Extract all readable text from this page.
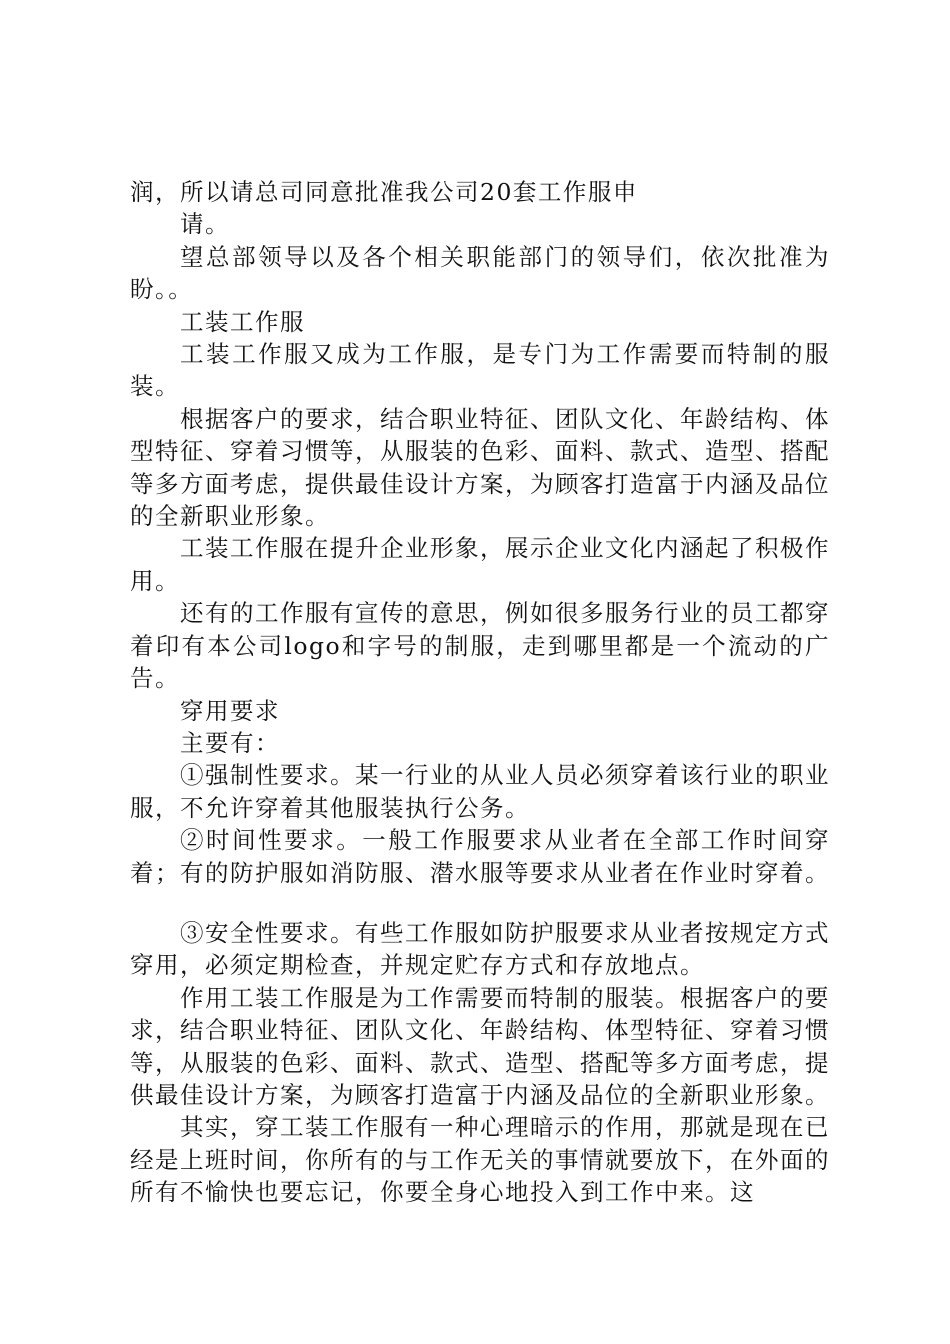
润，所以请总司同意批准我公司20套工作服申

请。

望总部领导以及各个相关职能部门的领导们，依次批准为盼。。

工装工作服

工装工作服又成为工作服，是专门为工作需要而特制的服装。

根据客户的要求，结合职业特征、团队文化、年龄结构、体型特征、穿着习惯等，从服装的色彩、面料、款式、造型、搭配等多方面考虑，提供最佳设计方案，为顾客打造富于内涵及品位的全新职业形象。

工装工作服在提升企业形象，展示企业文化内涵起了积极作用。

还有的工作服有宣传的意思，例如很多服务行业的员工都穿着印有本公司logo和字号的制服，走到哪里都是一个流动的广告。

穿用要求

主要有：

①强制性要求。某一行业的从业人员必须穿着该行业的职业服，不允许穿着其他服装执行公务。

②时间性要求。一般工作服要求从业者在全部工作时间穿着；有的防护服如消防服、潜水服等要求从业者在作业时穿着。

③安全性要求。有些工作服如防护服要求从业者按规定方式穿用，必须定期检查，并规定贮存方式和存放地点。

作用工装工作服是为工作需要而特制的服装。根据客户的要求，结合职业特征、团队文化、年龄结构、体型特征、穿着习惯等，从服装的色彩、面料、款式、造型、搭配等多方面考虑，提供最佳设计方案，为顾客打造富于内涵及品位的全新职业形象。

其实，穿工装工作服有一种心理暗示的作用，那就是现在已经是上班时间，你所有的与工作无关的事情就要放下，在外面的所有不愉快也要忘记，你要全身心地投入到工作中来。这
